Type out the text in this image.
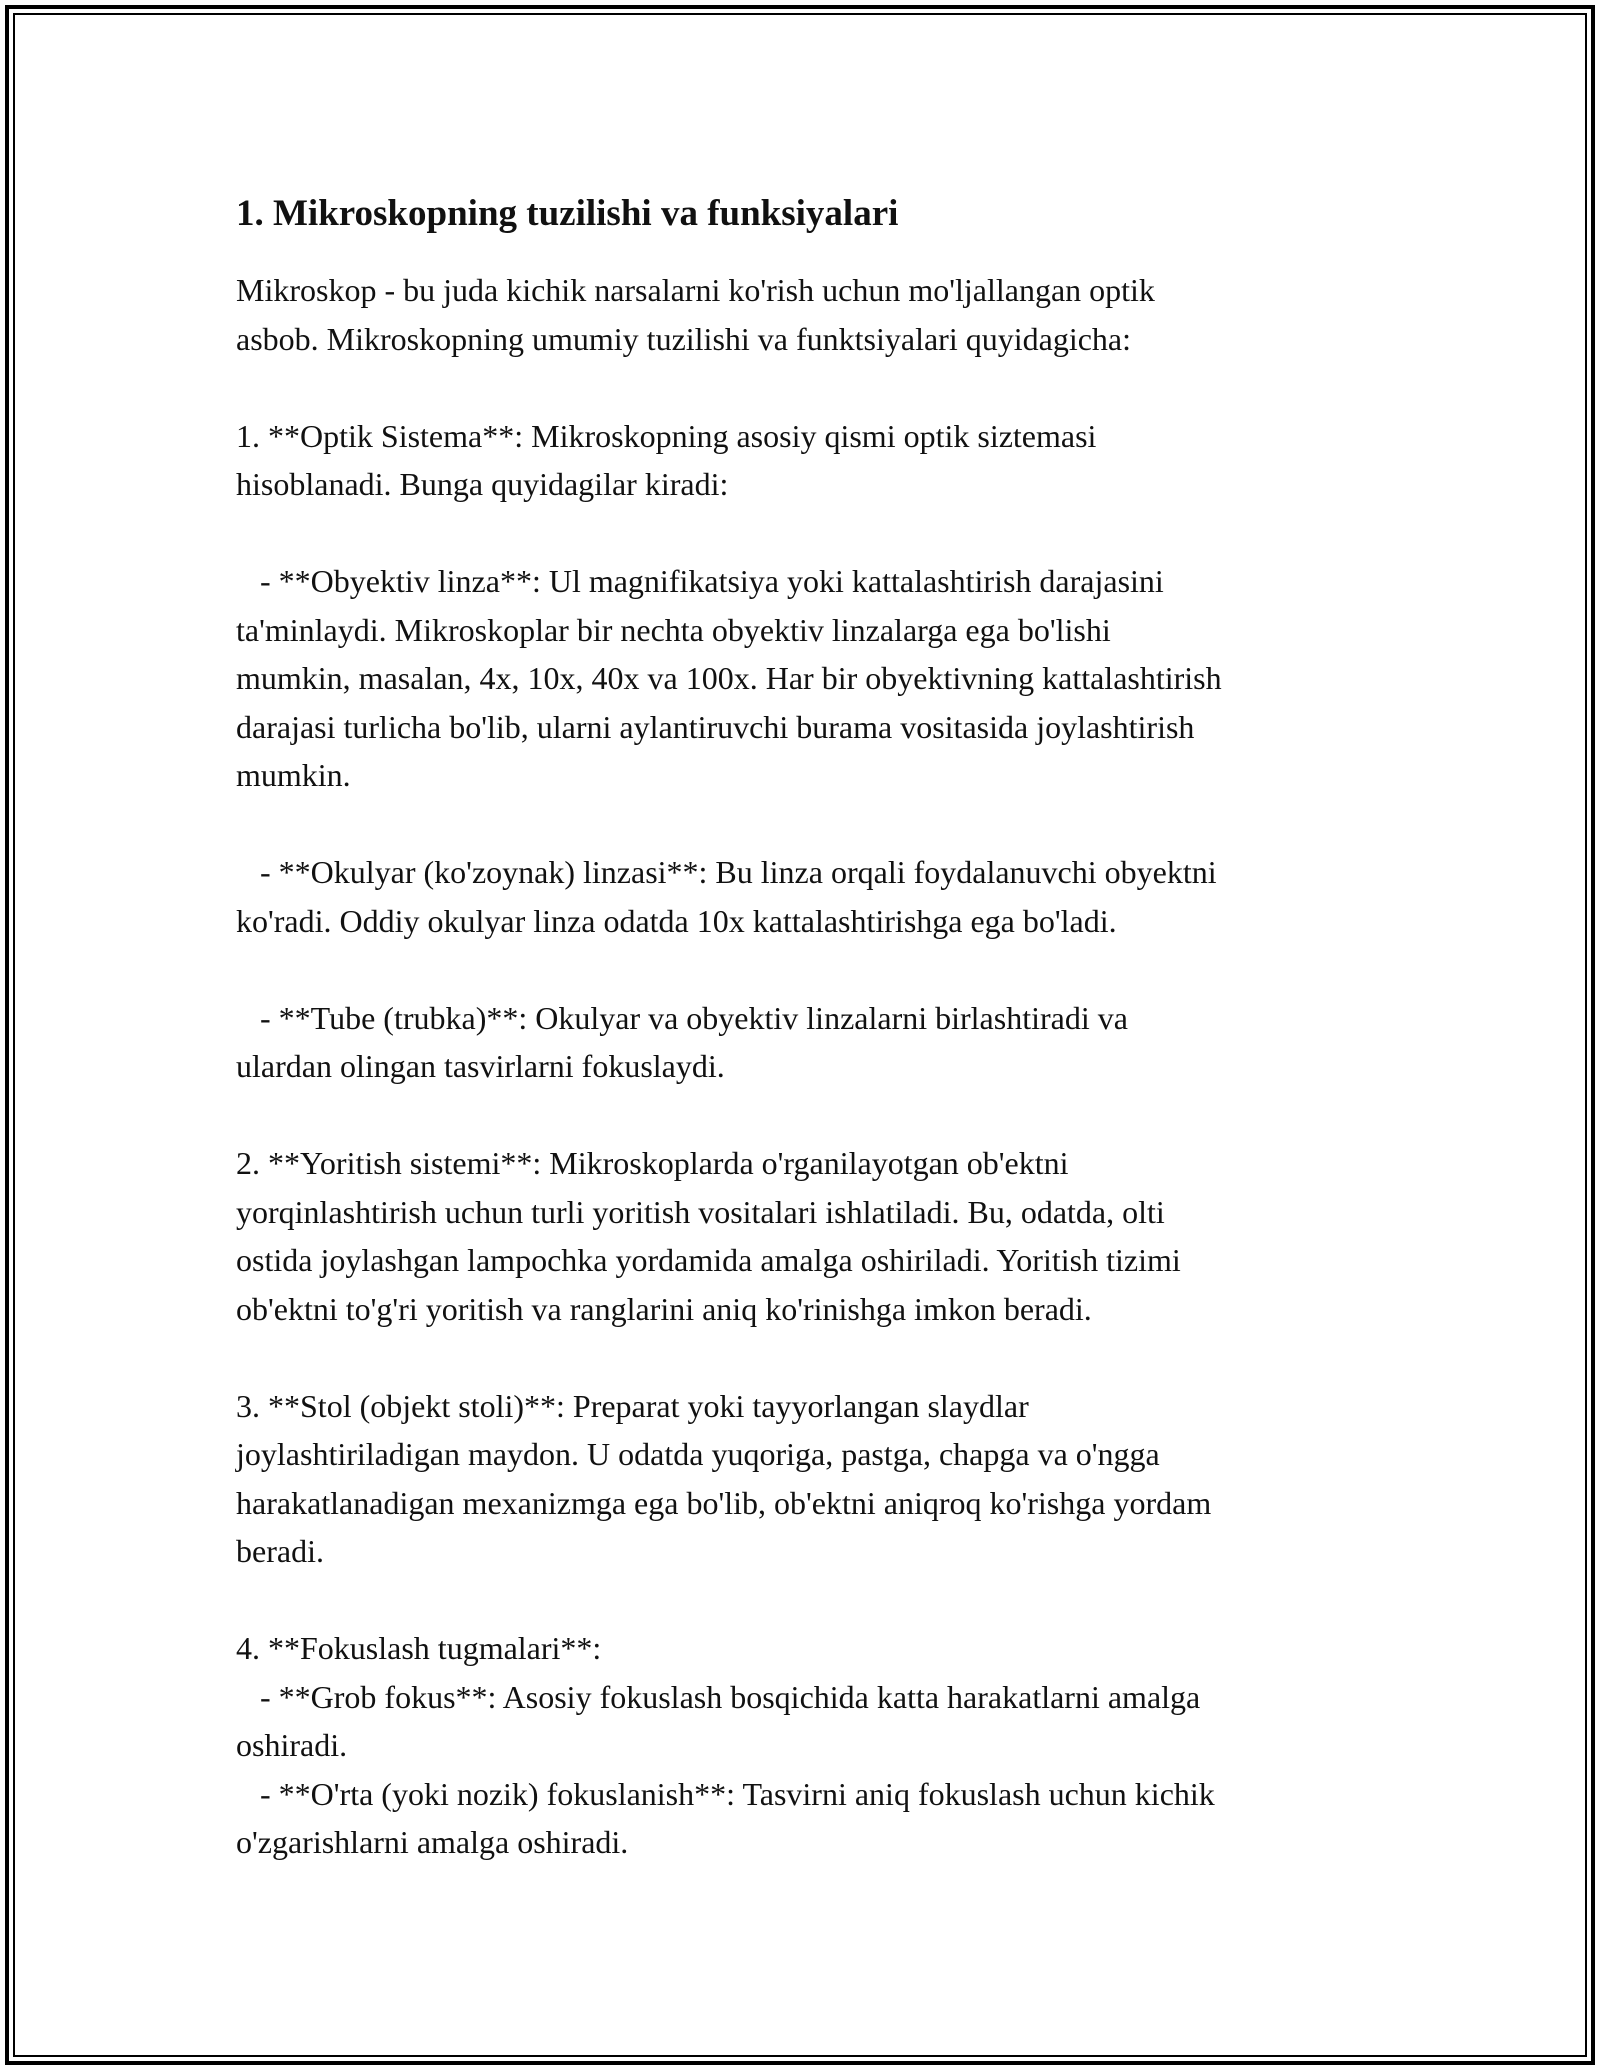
1. Mikroskopning tuzilishi va funksiyalari

Mikroskop - bu juda kichik narsalarni ko'rish uchun mo'ljallangan optik
asbob. Mikroskopning umumiy tuzilishi va funktsiyalari quyidagicha:

1. **Optik Sistema**: Mikroskopning asosiy qismi optik siztemasi
hisoblanadi. Bunga quyidagilar kiradi:

- **Obyektiv linza**: Ul magnifikatsiya yoki kattalashtirish darajasini
ta'minlaydi. Mikroskoplar bir nechta obyektiv linzalarga ega bo'lishi
mumkin, masalan, 4x, 10x, 40x va 100x. Har bir obyektivning kattalashtirish
darajasi turlicha bo'lib, ularni aylantiruvchi burama vositasida joylashtirish
mumkin.

- **Okulyar (ko'zoynak) linzasi**: Bu linza orqali foydalanuvchi obyektni
ko'radi. Oddiy okulyar linza odatda 10x kattalashtirishga ega bo'ladi.

- **Tube (trubka)**: Okulyar va obyektiv linzalarni birlashtiradi va
ulardan olingan tasvirlarni fokuslaydi.

2. **Yoritish sistemi**: Mikroskoplarda o'rganilayotgan ob'ektni
yorqinlashtirish uchun turli yoritish vositalari ishlatiladi. Bu, odatda, olti
ostida joylashgan lampochka yordamida amalga oshiriladi. Yoritish tizimi
ob'ektni to'g'ri yoritish va ranglarini aniq ko'rinishga imkon beradi.

3. **Stol (objekt stoli)**: Preparat yoki tayyorlangan slaydlar
joylashtiriladigan maydon. U odatda yuqoriga, pastga, chapga va o'ngga
harakatlanadigan mexanizmga ega bo'lib, ob'ektni aniqroq ko'rishga yordam
beradi.

4. **Fokuslash tugmalari**:
- **Grob fokus**: Asosiy fokuslash bosqichida katta harakatlarni amalga
oshiradi.
- **O'rta (yoki nozik) fokuslanish**: Tasvirni aniq fokuslash uchun kichik
o'zgarishlarni amalga oshiradi.
